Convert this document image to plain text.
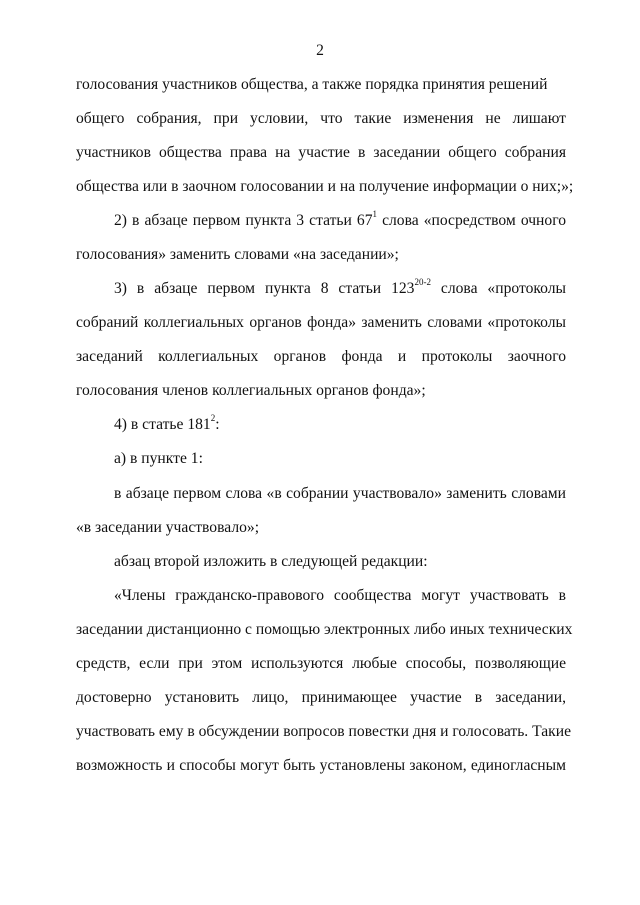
2
голосования участников общества, а также порядка принятия решений
общего собрания, при условии, что такие изменения не лишают
участников общества права на участие в заседании общего собрания
общества или в заочном голосовании и на получение информации о них;»;
2) в абзаце первом пункта 3 статьи $67^1$ слова «посредством очного
голосования» заменить словами «на заседании»;
3) в абзаце первом пункта 8 статьи 123$^{20-2}$ слова «протоколы
собраний коллегиальных органов фонда» заменить словами «протоколы
заседаний коллегиальных органов фонда и протоколы заочного
голосования членов коллегиальных органов фонда»;
4) в статье $181^2$:
а) в пункте 1:
в абзаце первом слова «в собрании участвовало» заменить словами
«в заседании участвовало»;
абзац второй изложить в следующей редакции:
«Члены гражданско-правового сообщества могут участвовать в
заседании дистанционно с помощью электронных либо иных технических
средств, если при этом используются любые способы, позволяющие
достоверно установить лицо, принимающее участие в заседании,
участвовать ему в обсуждении вопросов повестки дня и голосовать. Такие
возможность и способы могут быть установлены законом, единогласным
